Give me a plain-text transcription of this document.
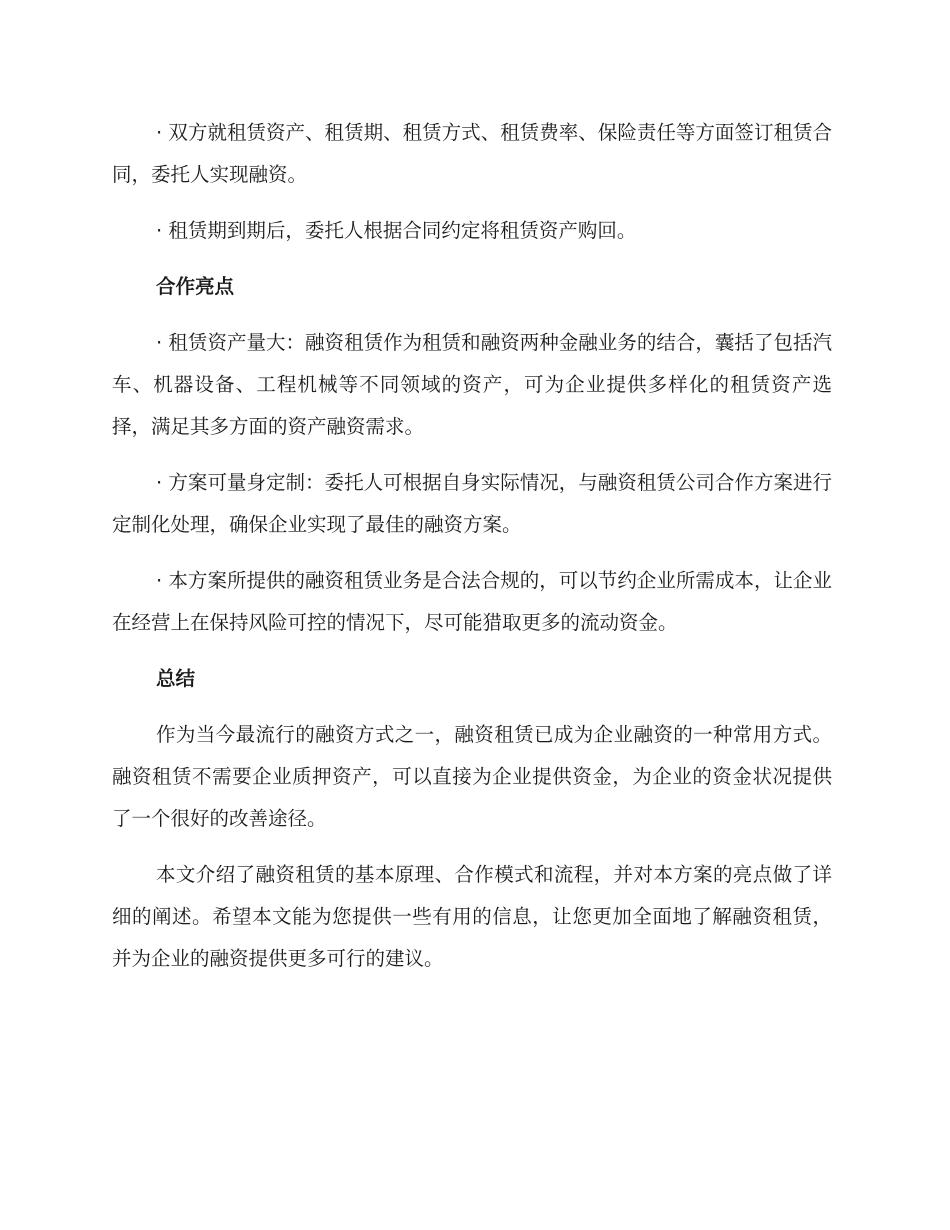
· 双方就租赁资产、租赁期、租赁方式、租赁费率、保险责任等方面签订租赁合同，委托人实现融资。

· 租赁期到期后，委托人根据合同约定将租赁资产购回。

合作亮点

· 租赁资产量大：融资租赁作为租赁和融资两种金融业务的结合，囊括了包括汽车、机器设备、工程机械等不同领域的资产，可为企业提供多样化的租赁资产选择，满足其多方面的资产融资需求。

· 方案可量身定制：委托人可根据自身实际情况，与融资租赁公司合作方案进行定制化处理，确保企业实现了最佳的融资方案。

· 本方案所提供的融资租赁业务是合法合规的，可以节约企业所需成本，让企业在经营上在保持风险可控的情况下，尽可能猎取更多的流动资金。

总结

作为当今最流行的融资方式之一，融资租赁已成为企业融资的一种常用方式。融资租赁不需要企业质押资产，可以直接为企业提供资金，为企业的资金状况提供了一个很好的改善途径。

本文介绍了融资租赁的基本原理、合作模式和流程，并对本方案的亮点做了详细的阐述。希望本文能为您提供一些有用的信息，让您更加全面地了解融资租赁，并为企业的融资提供更多可行的建议。
